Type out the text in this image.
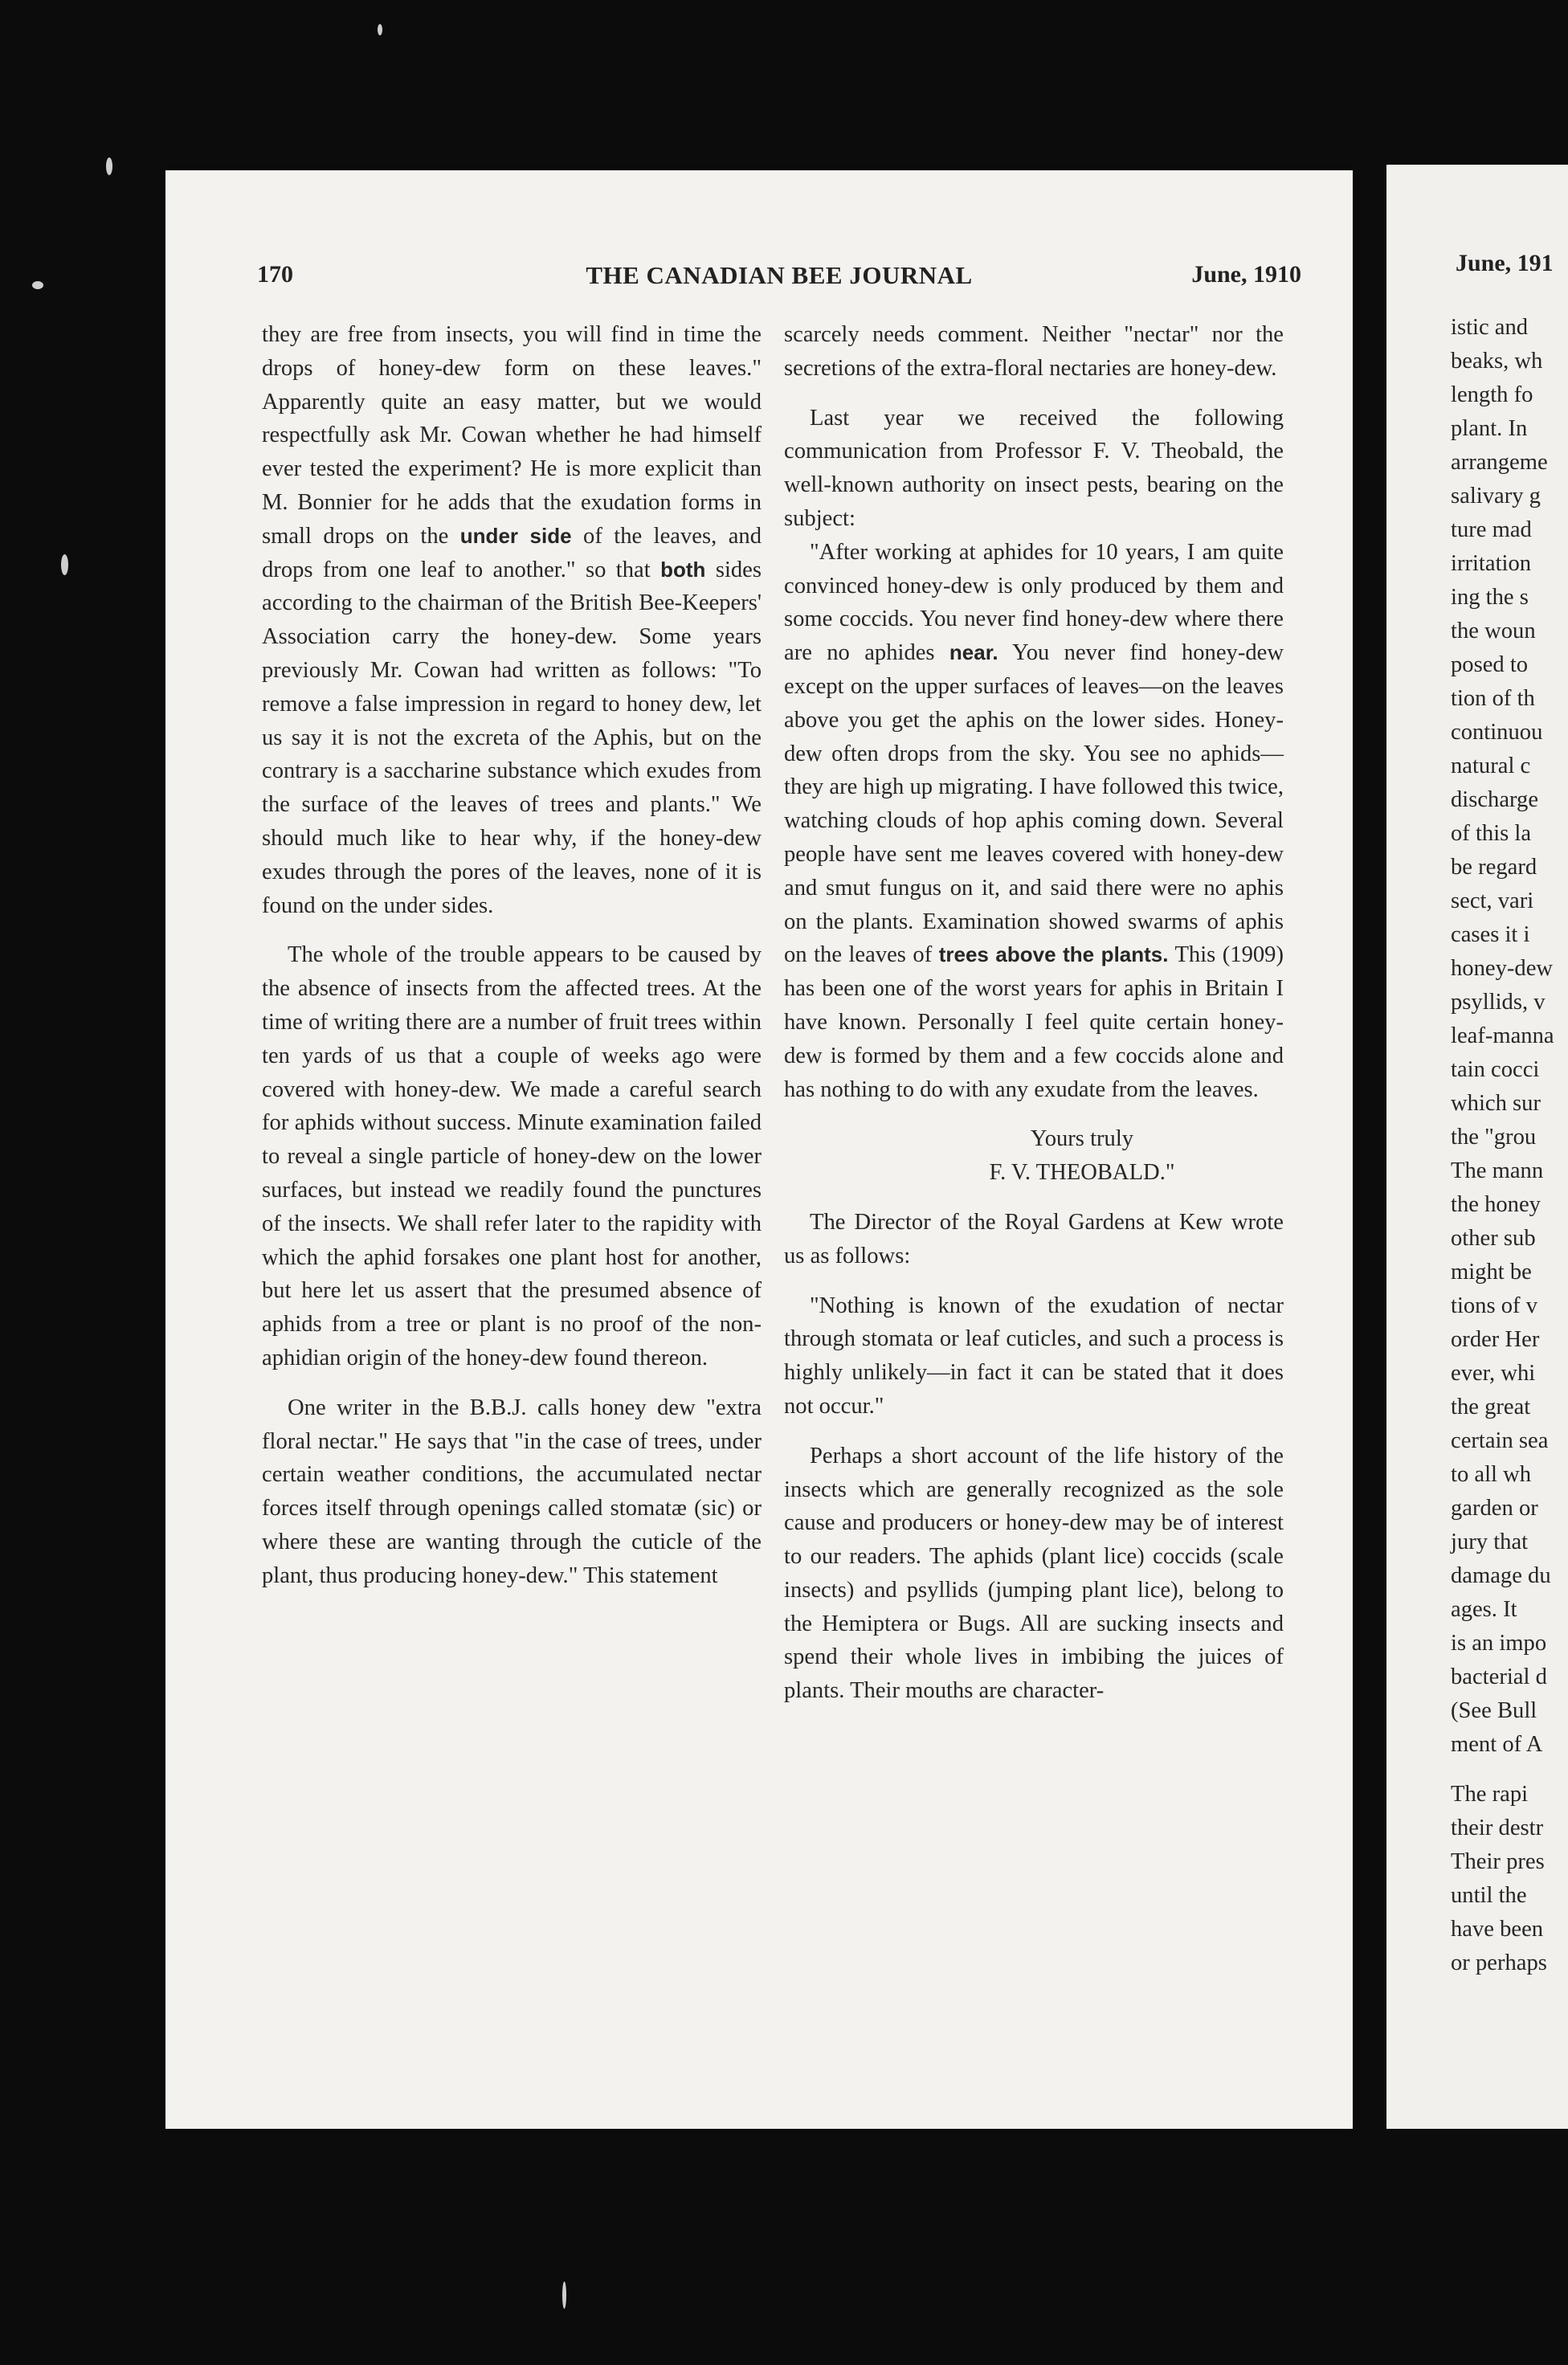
170	THE CANADIAN BEE JOURNAL	June, 1910

they are free from insects, you will find in time the drops of honey-dew form on these leaves." Apparently quite an easy matter, but we would respectfully ask Mr. Cowan whether he had himself ever tested the experiment? He is more explicit than M. Bonnier for he adds that the exudation forms in small drops on the under side of the leaves, and drops from one leaf to another." so that both sides according to the chairman of the British Bee-Keepers' Association carry the honey-dew. Some years previously Mr. Cowan had written as follows: "To remove a false impression in regard to honey dew, let us say it is not the excreta of the Aphis, but on the contrary is a saccharine substance which exudes from the surface of the leaves of trees and plants." We should much like to hear why, if the honey-dew exudes through the pores of the leaves, none of it is found on the under sides.

The whole of the trouble appears to be caused by the absence of insects from the affected trees. At the time of writing there are a number of fruit trees within ten yards of us that a couple of weeks ago were covered with honey-dew. We made a careful search for aphids without success. Minute examination failed to reveal a single particle of honey-dew on the lower surfaces, but instead we readily found the punctures of the insects. We shall refer later to the rapidity with which the aphid forsakes one plant host for another, but here let us assert that the presumed absence of aphids from a tree or plant is no proof of the non-aphidian origin of the honey-dew found thereon.

One writer in the B.B.J. calls honey dew "extra floral nectar." He says that "in the case of trees, under certain weather conditions, the accumulated nectar forces itself through openings called stomatæ (sic) or where these are wanting through the cuticle of the plant, thus producing honey-dew." This statement

scarcely needs comment. Neither "nectar" nor the secretions of the extra-floral nectaries are honey-dew.

Last year we received the following communication from Professor F. V. Theobald, the well-known authority on insect pests, bearing on the subject:

"After working at aphides for 10 years, I am quite convinced honey-dew is only produced by them and some coccids. You never find honey-dew where there are no aphides near. You never find honey-dew except on the upper surfaces of leaves—on the leaves above you get the aphis on the lower sides. Honey-dew often drops from the sky. You see no aphids—they are high up migrating. I have followed this twice, watching clouds of hop aphis coming down. Several people have sent me leaves covered with honey-dew and smut fungus on it, and said there were no aphis on the plants. Examination showed swarms of aphis on the leaves of trees above the plants. This (1909) has been one of the worst years for aphis in Britain I have known. Personally I feel quite certain honey-dew is formed by them and a few coccids alone and has nothing to do with any exudate from the leaves.

Yours truly

F. V. THEOBALD."

The Director of the Royal Gardens at Kew wrote us as follows:

"Nothing is known of the exudation of nectar through stomata or leaf cuticles, and such a process is highly unlikely—in fact it can be stated that it does not occur."

Perhaps a short account of the life history of the insects which are generally recognized as the sole cause and producers or honey-dew may be of interest to our readers. The aphids (plant lice) coccids (scale insects) and psyllids (jumping plant lice), belong to the Hemiptera or Bugs. All are sucking insects and spend their whole lives in imbibing the juices of plants. Their mouths are character-

June, 191
istic and
beaks, wh
length fo
plant. In
arrangeme
salivary g
ture mad
irritation
ing the s
the woun
posed to
tion of th
continuou
natural c
discharge
of this la
be regard
sect, vari
cases it i
honey-dew
psyllids, v
leaf-manna
tain cocci
which sur
the "grou
The mann
the honey
other sub
might be
tions of v
order Her
ever, whi
the great
certain sea
to all wh
garden or
jury that
damage du
ages. It
is an impo
bacterial d
(See Bull
ment of A
The rapi
their destr
Their pres
until the
have been
or perhaps
